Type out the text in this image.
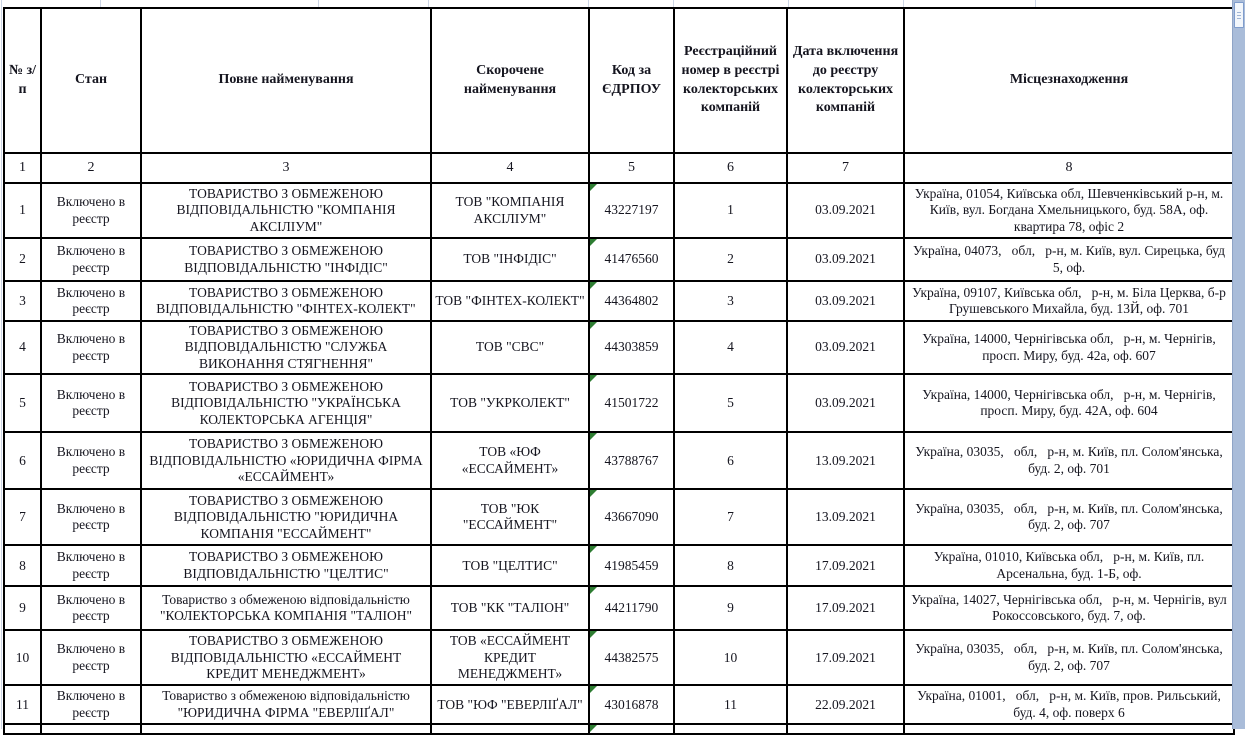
№ з/п	Стан	Повне найменування	Скорочене найменування	Код за ЄДРПОУ	Реєстраційний номер в реєстрі колекторських компаній	Дата включення до реєстру колекторських компаній	Місцезнаходження
1	2	3	4	5	6	7	8
1	Включено в реєстр	ТОВАРИСТВО З ОБМЕЖЕНОЮ ВІДПОВІДАЛЬНІСТЮ "КОМПАНІЯ АКСІЛІУМ"	ТОВ "КОМПАНІЯ АКСІЛІУМ"	43227197	1	03.09.2021	Україна, 01054, Київська обл, Шевченківський р-н, м. Київ, вул. Богдана Хмельницького, буд. 58А, оф. квартира 78, офіс 2
2	Включено в реєстр	ТОВАРИСТВО З ОБМЕЖЕНОЮ ВІДПОВІДАЛЬНІСТЮ "ІНФІДІС"	ТОВ "ІНФІДІС"	41476560	2	03.09.2021	Україна, 04073,   обл,   р-н, м. Київ, вул. Сирецька, буд 5, оф.
3	Включено в реєстр	ТОВАРИСТВО З ОБМЕЖЕНОЮ ВІДПОВІДАЛЬНІСТЮ "ФІНТЕХ-КОЛЕКТ"	ТОВ "ФІНТЕХ-КОЛЕКТ"	44364802	3	03.09.2021	Україна, 09107, Київська обл,   р-н, м. Біла Церква, б-р Грушевського Михайла, буд. 13Й, оф. 701
4	Включено в реєстр	ТОВАРИСТВО З ОБМЕЖЕНОЮ ВІДПОВІДАЛЬНІСТЮ "СЛУЖБА ВИКОНАННЯ СТЯГНЕННЯ"	ТОВ "СВС"	44303859	4	03.09.2021	Україна, 14000, Чернігівська обл,   р-н, м. Чернігів, просп. Миру, буд. 42а, оф. 607
5	Включено в реєстр	ТОВАРИСТВО З ОБМЕЖЕНОЮ ВІДПОВІДАЛЬНІСТЮ "УКРАЇНСЬКА КОЛЕКТОРСЬКА АГЕНЦІЯ"	ТОВ "УКРКОЛЕКТ"	41501722	5	03.09.2021	Україна, 14000, Чернігівська обл,   р-н, м. Чернігів, просп. Миру, буд. 42А, оф. 604
6	Включено в реєстр	ТОВАРИСТВО З ОБМЕЖЕНОЮ ВІДПОВІДАЛЬНІСТЮ «ЮРИДИЧНА ФІРМА «ЕССАЙМЕНТ»	ТОВ «ЮФ «ЕССАЙМЕНТ»	43788767	6	13.09.2021	Україна, 03035,   обл,   р-н, м. Київ, пл. Солом'янська, буд. 2, оф. 701
7	Включено в реєстр	ТОВАРИСТВО З ОБМЕЖЕНОЮ ВІДПОВІДАЛЬНІСТЮ "ЮРИДИЧНА КОМПАНІЯ "ЕССАЙМЕНТ"	ТОВ "ЮК "ЕССАЙМЕНТ"	43667090	7	13.09.2021	Україна, 03035,   обл,   р-н, м. Київ, пл. Солом'янська, буд. 2, оф. 707
8	Включено в реєстр	ТОВАРИСТВО З ОБМЕЖЕНОЮ ВІДПОВІДАЛЬНІСТЮ "ЦЕЛТИС"	ТОВ "ЦЕЛТИС"	41985459	8	17.09.2021	Україна, 01010, Київська обл,   р-н, м. Київ, пл. Арсенальна, буд. 1-Б, оф.
9	Включено в реєстр	Товариство з обмеженою відповідальністю "КОЛЕКТОРСЬКА КОМПАНІЯ "ТАЛІОН"	ТОВ "КК "ТАЛІОН"	44211790	9	17.09.2021	Україна, 14027, Чернігівська обл,   р-н, м. Чернігів, вул Рокоссовського, буд. 7, оф.
10	Включено в реєстр	ТОВАРИСТВО З ОБМЕЖЕНОЮ ВІДПОВІДАЛЬНІСТЮ «ЕССАЙМЕНТ КРЕДИТ МЕНЕДЖМЕНТ»	ТОВ «ЕССАЙМЕНТ КРЕДИТ МЕНЕДЖМЕНТ»	44382575	10	17.09.2021	Україна, 03035,   обл,   р-н, м. Київ, пл. Солом'янська, буд. 2, оф. 707
11	Включено в реєстр	Товариство з обмеженою відповідальністю "ЮРИДИЧНА ФІРМА "ЕВЕРЛІҐАЛ"	ТОВ "ЮФ "ЕВЕРЛІҐАЛ"	43016878	11	22.09.2021	Україна, 01001,   обл,   р-н, м. Київ, пров. Рильський, буд. 4, оф. поверх 6
